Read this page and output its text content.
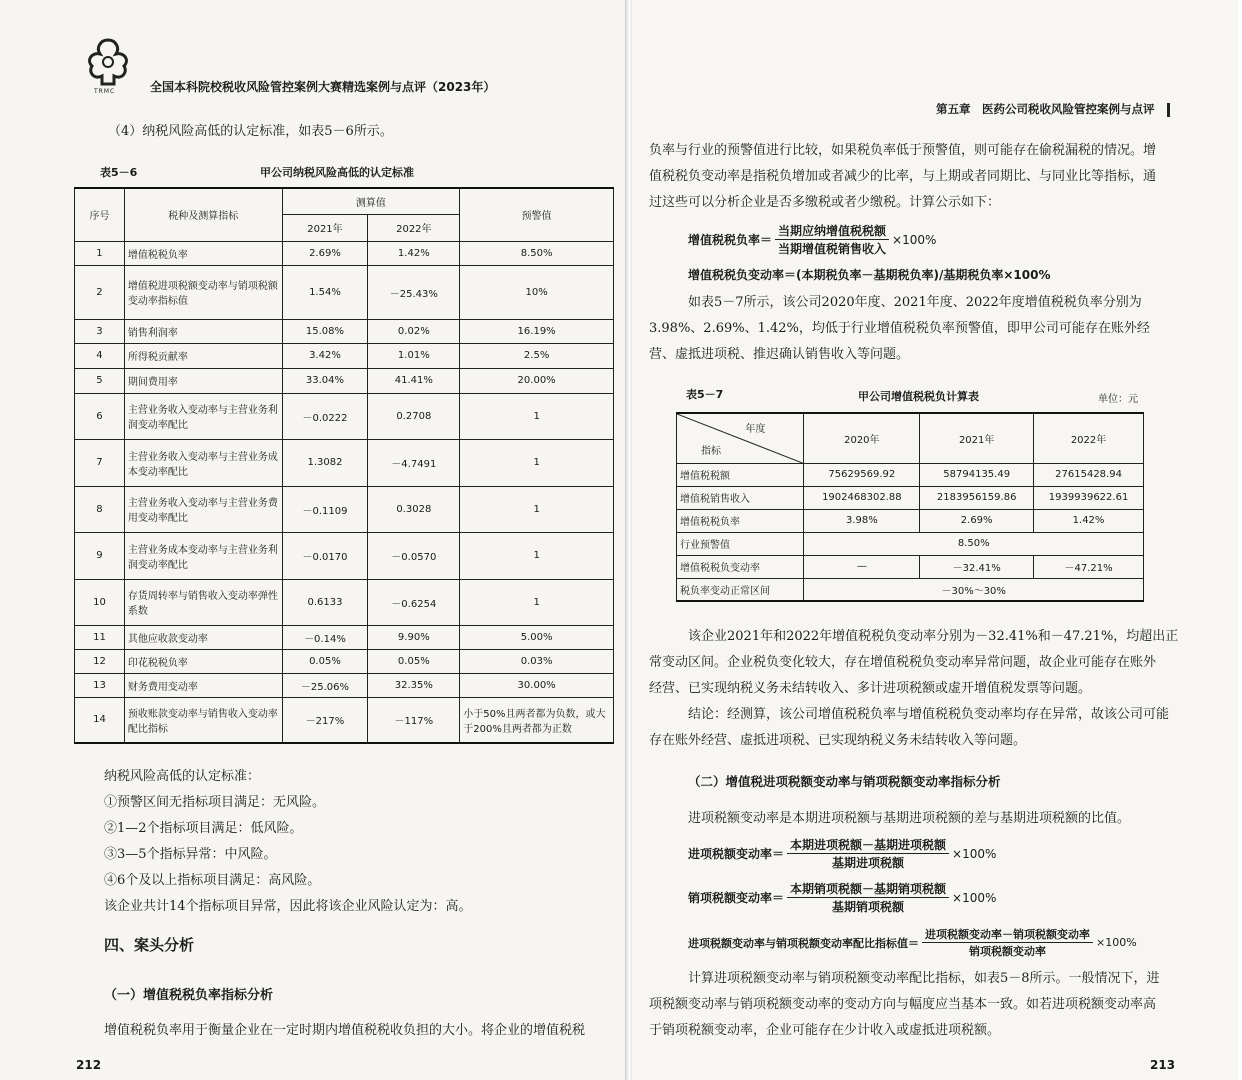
TRMC	全国本科院校税收风险管控案例大赛精选案例与点评（2023年）
（4）纳税风险高低的认定标准，如表5－6所示。
表5－6	甲公司纳税风险高低的认定标准
序号	税种及测算指标	测算值		预警值
		2021年	2022年	
1	增值税税负率	2.69%	1.42%	8.50%
2	增值税进项税额变动率与销项税额变动率指标值	1.54%	－25.43%	10%
3	销售利润率	15.08%	0.02%	16.19%
4	所得税贡献率	3.42%	1.01%	2.5%
5	期间费用率	33.04%	41.41%	20.00%
6	主营业务收入变动率与主营业务利润变动率配比	－0.0222	0.2708	1
7	主营业务收入变动率与主营业务成本变动率配比	1.3082	－4.7491	1
8	主营业务收入变动率与主营业务费用变动率配比	－0.1109	0.3028	1
9	主营业务成本变动率与主营业务利润变动率配比	－0.0170	－0.0570	1
10	存货周转率与销售收入变动率弹性系数	0.6133	－0.6254	1
11	其他应收款变动率	－0.14%	9.90%	5.00%
12	印花税税负率	0.05%	0.05%	0.03%
13	财务费用变动率	－25.06%	32.35%	30.00%
14	预收账款变动率与销售收入变动率配比指标	－217%	－117%	小于50%且两者都为负数，或大于200%且两者都为正数
纳税风险高低的认定标准：
①预警区间无指标项目满足：无风险。
②1—2个指标项目满足：低风险。
③3—5个指标异常：中风险。
④6个及以上指标项目满足：高风险。
该企业共计14个指标项目异常，因此将该企业风险认定为：高。
四、案头分析
（一）增值税税负率指标分析
增值税税负率用于衡量企业在一定时期内增值税税收负担的大小。将企业的增值税税
212
第五章　医药公司税收风险管控案例与点评
负率与行业的预警值进行比较，如果税负率低于预警值，则可能存在偷税漏税的情况。增
值税税负变动率是指税负增加或者减少的比率，与上期或者同期比、与同业比等指标，通
过这些可以分析企业是否多缴税或者少缴税。计算公示如下：
增值税税负率＝ $\frac{\text{当期应纳增值税税额}}{\text{当期增值税销售收入}} \times 100\%$
增值税税负变动率＝(本期税负率－基期税负率)/基期税负率×100%
如表5－7所示，该公司2020年度、2021年度、2022年度增值税税负率分别为
3.98%、2.69%、1.42%，均低于行业增值税税负率预警值，即甲公司可能存在账外经
营、虚抵进项税、推迟确认销售收入等问题。
表5－7	甲公司增值税税负计算表	单位：元
年度
指标	2020年	2021年	2022年
增值税税额	75629569.92	58794135.49	27615428.94
增值税销售收入	1902468302.88	2183956159.86	1939939622.61
增值税税负率	3.98%	2.69%	1.42%
行业预警值	8.50%		
增值税税负变动率	—	－32.41%	－47.21%
税负率变动正常区间	－30%～30%		
该企业2021年和2022年增值税税负变动率分别为－32.41%和－47.21%，均超出正
常变动区间。企业税负变化较大，存在增值税税负变动率异常问题，故企业可能存在账外
经营、已实现纳税义务未结转收入、多计进项税额或虚开增值税发票等问题。
结论：经测算，该公司增值税税负率与增值税税负变动率均存在异常，故该公司可能
存在账外经营、虚抵进项税、已实现纳税义务未结转收入等问题。
（二）增值税进项税额变动率与销项税额变动率指标分析
进项税额变动率是本期进项税额与基期进项税额的差与基期进项税额的比值。
进项税额变动率＝ $\frac{\text{本期进项税额－基期进项税额}}{\text{基期进项税额}} \times 100\%$
销项税额变动率＝ $\frac{\text{本期销项税额－基期销项税额}}{\text{基期销项税额}} \times 100\%$
进项税额变动率与销项税额变动率配比指标值＝ $\frac{\text{进项税额变动率－销项税额变动率}}{\text{销项税额变动率}} \times 100\%$
计算进项税额变动率与销项税额变动率配比指标，如表5－8所示。一般情况下，进
项税额变动率与销项税额变动率的变动方向与幅度应当基本一致。如若进项税额变动率高
于销项税额变动率，企业可能存在少计收入或虚抵进项税额。
213
